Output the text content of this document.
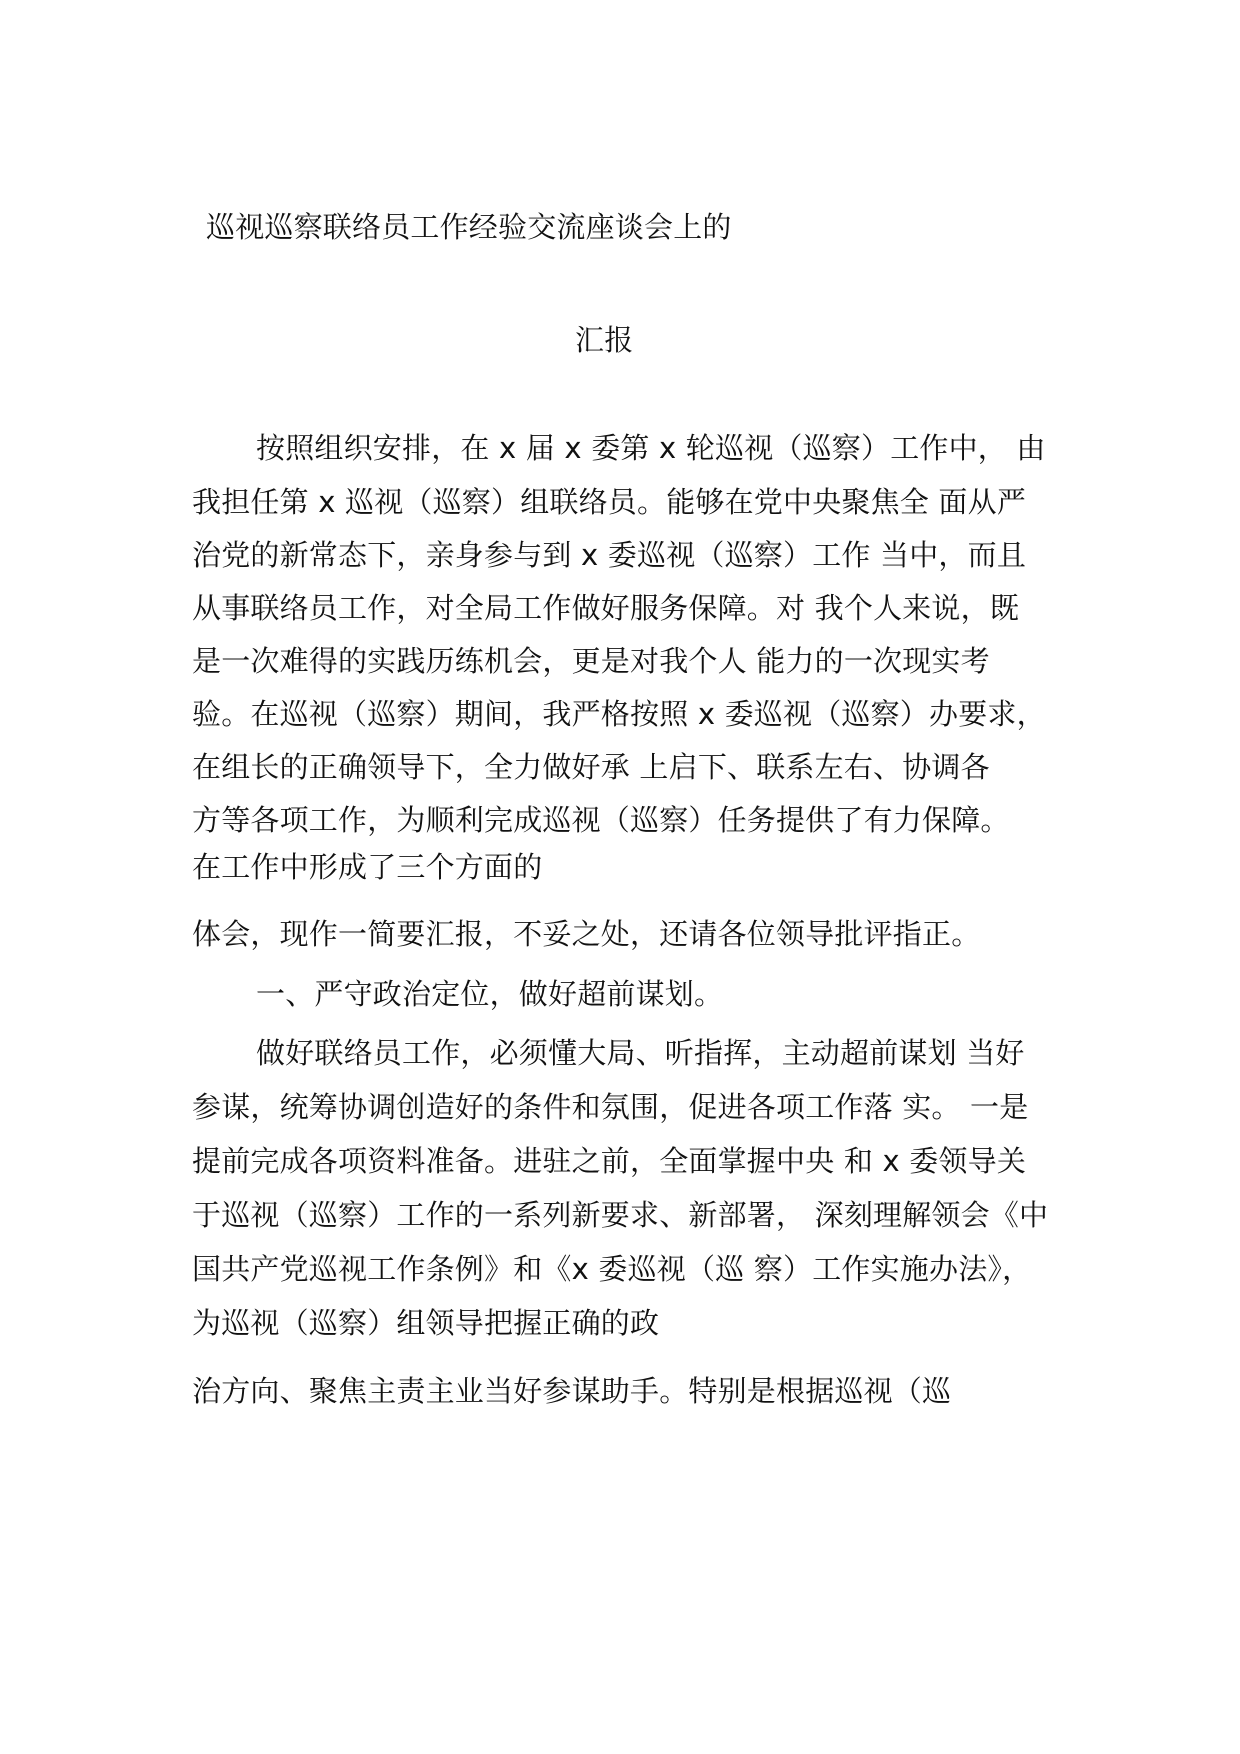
巡视巡察联络员工作经验交流座谈会上的
汇报
按照组织安排，在 x 届 x 委第 x 轮巡视（巡察）工作中， 由
我担任第 x 巡视（巡察）组联络员。能够在党中央聚焦全 面从严
治党的新常态下，亲身参与到 x 委巡视（巡察）工作 当中，而且
从事联络员工作，对全局工作做好服务保障。对 我个人来说，既
是一次难得的实践历练机会，更是对我个人 能力的一次现实考
验。在巡视（巡察）期间，我严格按照 x 委巡视（巡察）办要求，
在组长的正确领导下，全力做好承 上启下、联系左右、协调各
方等各项工作，为顺利完成巡视（巡察）任务提供了有力保障。
在工作中形成了三个方面的
体会，现作一简要汇报，不妥之处，还请各位领导批评指正。
一、严守政治定位，做好超前谋划。
做好联络员工作，必须懂大局、听指挥，主动超前谋划 当好
参谋，统筹协调创造好的条件和氛围，促进各项工作落 实。 一是
提前完成各项资料准备。进驻之前，全面掌握中央 和 x 委领导关
于巡视（巡察）工作的一系列新要求、新部署， 深刻理解领会《中
国共产党巡视工作条例》和《x 委巡视（巡 察）工作实施办法》，
为巡视（巡察）组领导把握正确的政
治方向、聚焦主责主业当好参谋助手。特别是根据巡视（巡
